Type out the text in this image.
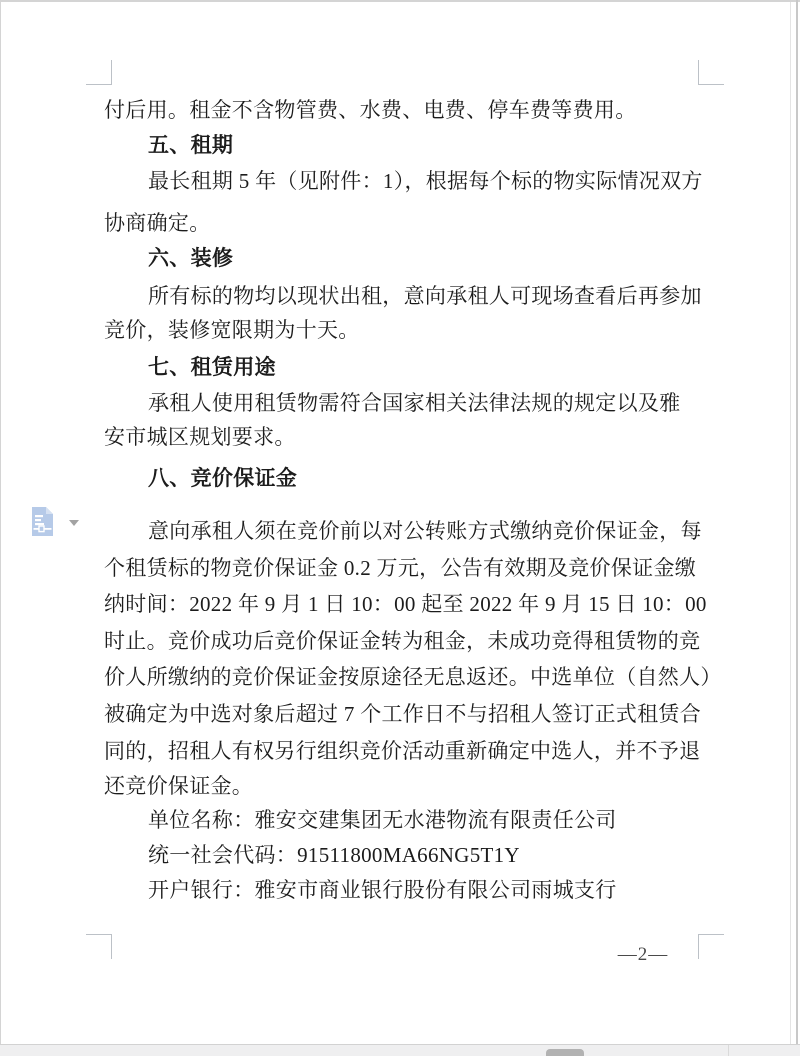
付后用。租金不含物管费、水费、电费、停车费等费用。
五、租期
最长租期 5 年（见附件：1），根据每个标的物实际情况双方
协商确定。
六、装修
所有标的物均以现状出租，意向承租人可现场查看后再参加
竞价，装修宽限期为十天。
七、租赁用途
承租人使用租赁物需符合国家相关法律法规的规定以及雅
安市城区规划要求。
八、竞价保证金
意向承租人须在竞价前以对公转账方式缴纳竞价保证金，每
个租赁标的物竞价保证金 0.2 万元，公告有效期及竞价保证金缴
纳时间：2022 年 9 月 1 日 10：00 起至 2022 年 9 月 15 日 10：00
时止。竞价成功后竞价保证金转为租金，未成功竞得租赁物的竞
价人所缴纳的竞价保证金按原途径无息返还。中选单位（自然人）
被确定为中选对象后超过 7 个工作日不与招租人签订正式租赁合
同的，招租人有权另行组织竞价活动重新确定中选人，并不予退
还竞价保证金。
单位名称：雅安交建集团无水港物流有限责任公司
统一社会代码：91511800MA66NG5T1Y
开户银行：雅安市商业银行股份有限公司雨城支行
—2—
